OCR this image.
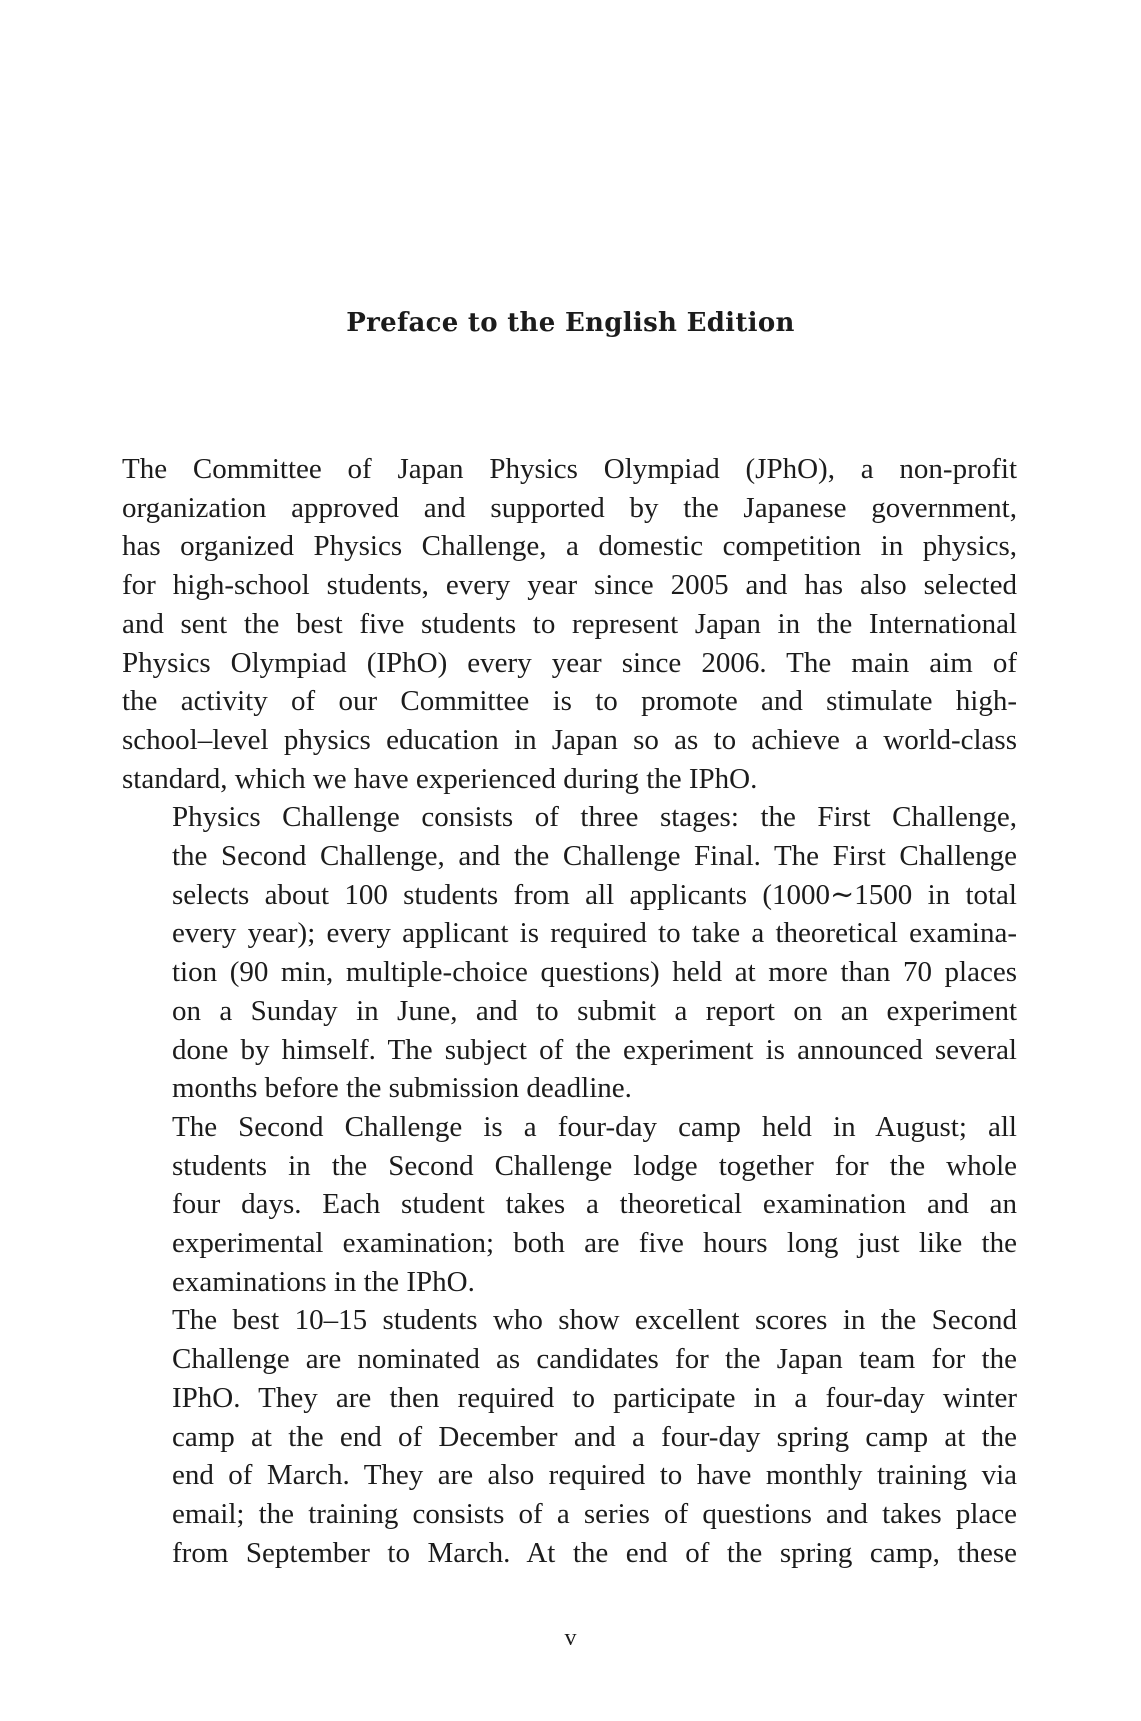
Preface to the English Edition

The Committee of Japan Physics Olympiad (JPhO), a non-profit
organization approved and supported by the Japanese government,
has organized Physics Challenge, a domestic competition in physics,
for high-school students, every year since 2005 and has also selected
and sent the best five students to represent Japan in the International
Physics Olympiad (IPhO) every year since 2006. The main aim of
the activity of our Committee is to promote and stimulate high-
school–level physics education in Japan so as to achieve a world-class
standard, which we have experienced during the IPhO.

Physics Challenge consists of three stages: the First Challenge,
the Second Challenge, and the Challenge Final. The First Challenge
selects about 100 students from all applicants (1000∼1500 in total
every year); every applicant is required to take a theoretical examina-
tion (90 min, multiple-choice questions) held at more than 70 places
on a Sunday in June, and to submit a report on an experiment
done by himself. The subject of the experiment is announced several
months before the submission deadline.

The Second Challenge is a four-day camp held in August; all
students in the Second Challenge lodge together for the whole
four days. Each student takes a theoretical examination and an
experimental examination; both are five hours long just like the
examinations in the IPhO.

The best 10–15 students who show excellent scores in the Second
Challenge are nominated as candidates for the Japan team for the
IPhO. They are then required to participate in a four-day winter
camp at the end of December and a four-day spring camp at the
end of March. They are also required to have monthly training via
email; the training consists of a series of questions and takes place
from September to March. At the end of the spring camp, these

v
